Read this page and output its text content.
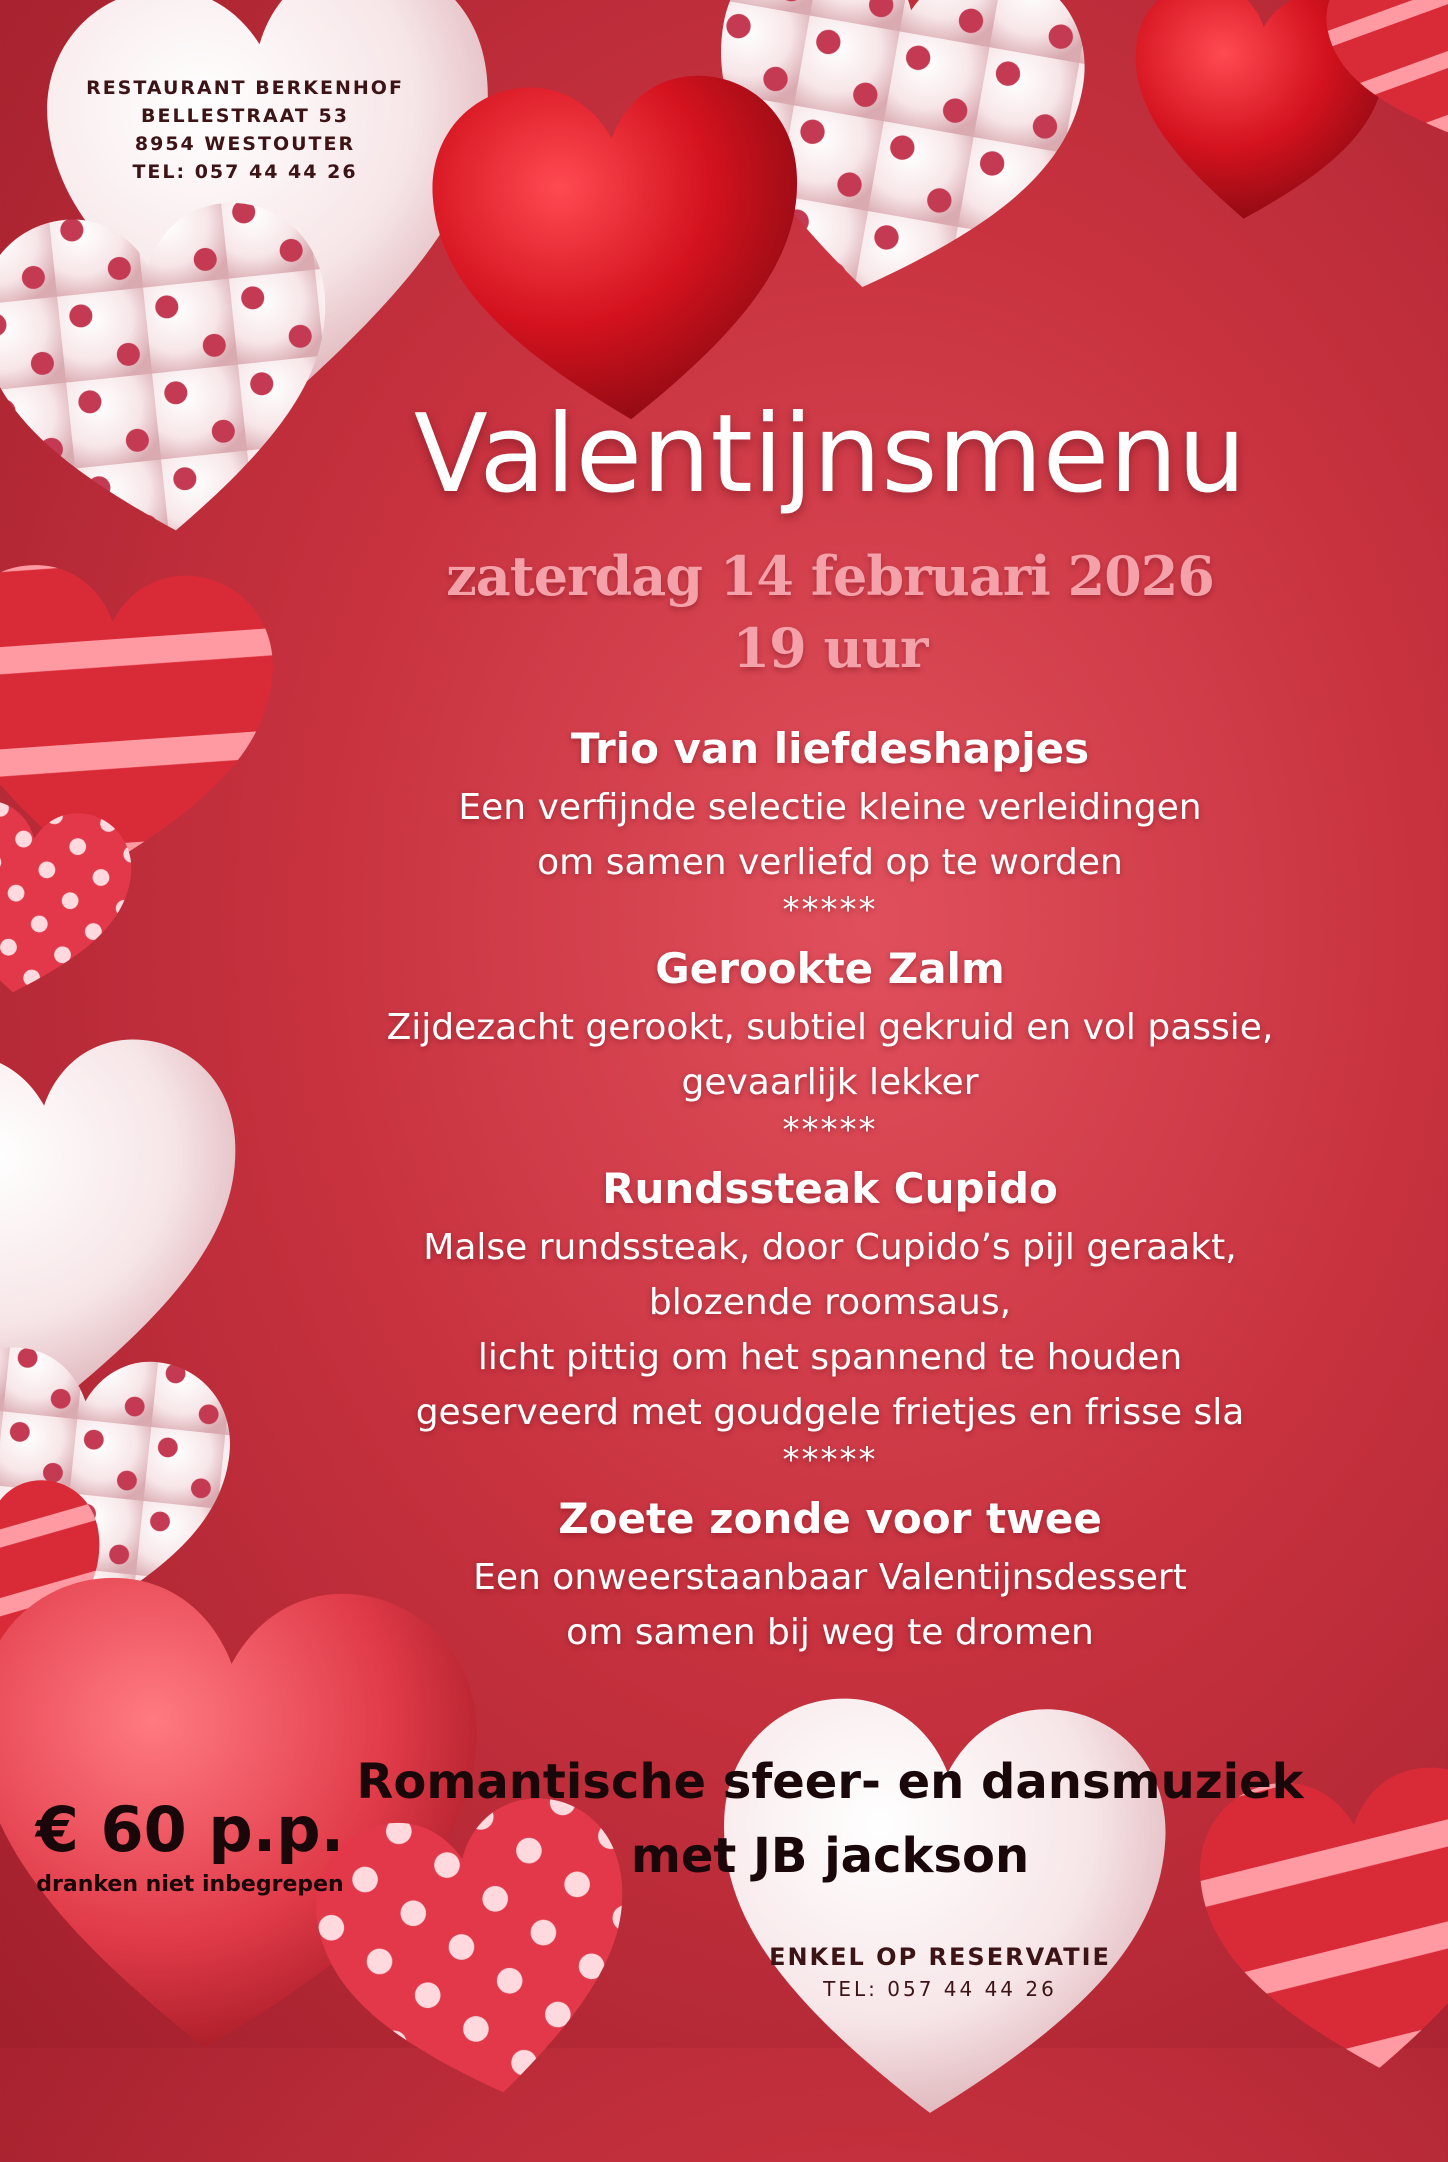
RESTAURANT BERKENHOF
BELLESTRAAT 53
8954 WESTOUTER
TEL: 057 44 44 26
Valentijnsmenu
zaterdag 14 februari 2026
19 uur
Trio van liefdeshapjes
Een verfijnde selectie kleine verleidingen
om samen verliefd op te worden
*****
Gerookte Zalm
Zijdezacht gerookt, subtiel gekruid en vol passie,
gevaarlijk lekker
*****
Rundssteak Cupido
Malse rundssteak, door Cupido’s pijl geraakt,
blozende roomsaus,
licht pittig om het spannend te houden
geserveerd met goudgele frietjes en frisse sla
*****
Zoete zonde voor twee
Een onweerstaanbaar Valentijnsdessert
om samen bij weg te dromen
Romantische sfeer- en dansmuziek
met JB jackson
€ 60 p.p.
dranken niet inbegrepen
ENKEL OP RESERVATIE
TEL: 057 44 44 26
